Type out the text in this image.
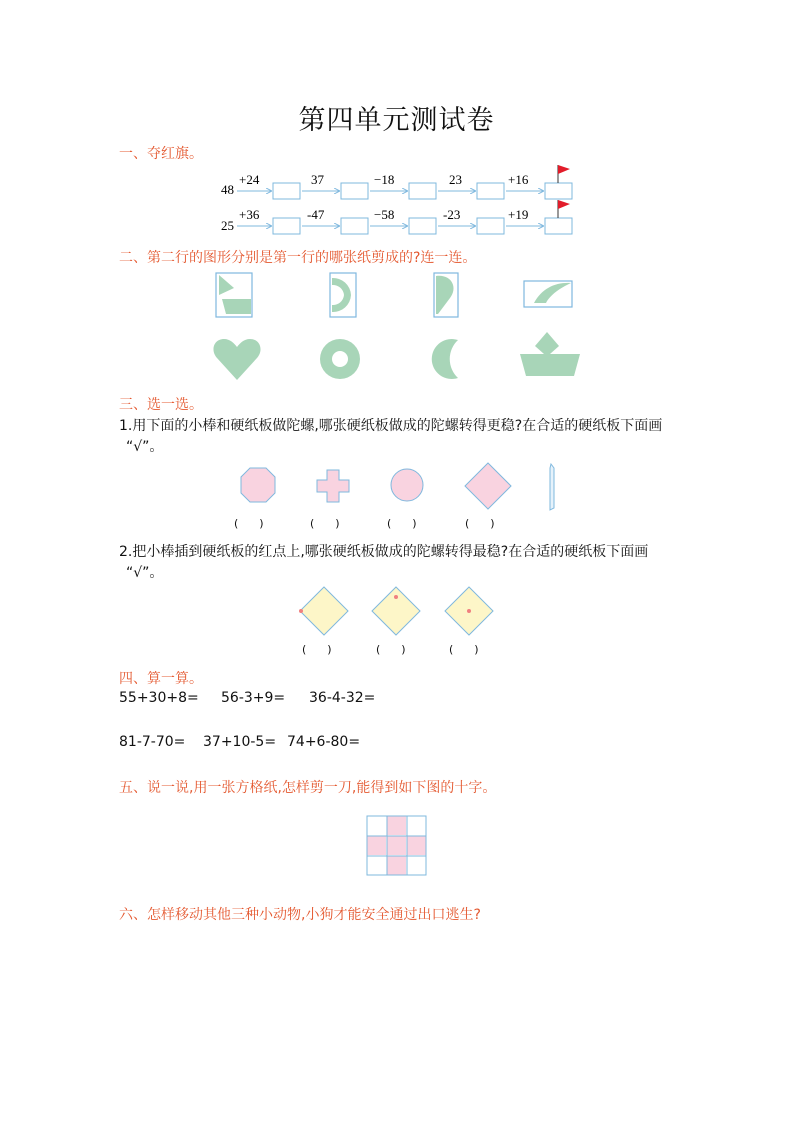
第四单元测试卷
一、夺红旗。
48
+24	37	−18	23	+16
25
+36	-47	−58	-23	+19
二、第二行的图形分别是第一行的哪张纸剪成的?连一连。
三、选一选。
1.用下面的小棒和硬纸板做陀螺,哪张硬纸板做成的陀螺转得更稳?在合适的硬纸板下面画
“√”。
(      )	(      )	(      )	(      )
2.把小棒插到硬纸板的红点上,哪张硬纸板做成的陀螺转得最稳?在合适的硬纸板下面画
“√”。
(      )	(      )	(      )
四、算一算。
55+30+8= 56-3+9= 36-4-32=
81-7-70= 37+10-5= 74+6-80=
五、说一说,用一张方格纸,怎样剪一刀,能得到如下图的十字。
六、怎样移动其他三种小动物,小狗才能安全通过出口逃生?
